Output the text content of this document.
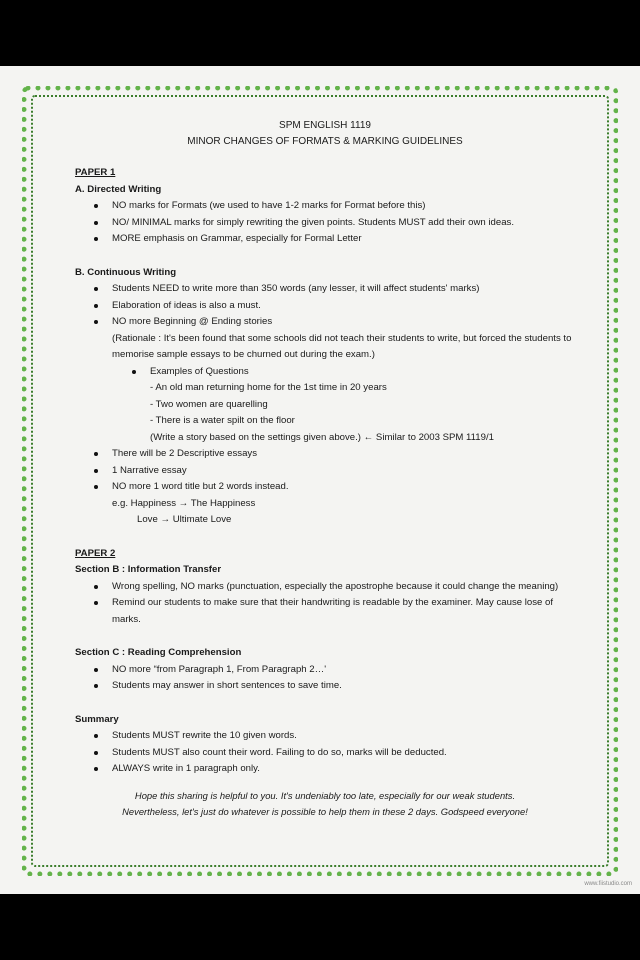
SPM ENGLISH 1119
MINOR CHANGES OF FORMATS & MARKING GUIDELINES
PAPER 1
A. Directed Writing
NO marks for Formats (we used to have 1-2 marks for Format before this)
NO/ MINIMAL marks for simply rewriting the given points. Students MUST add their own ideas.
MORE emphasis on Grammar, especially for Formal Letter
B. Continuous Writing
Students NEED to write more than 350 words (any lesser, it will affect students' marks)
Elaboration of ideas is also a must.
NO more Beginning @ Ending stories
(Rationale : It's been found that some schools did not teach their students to write, but forced the students to memorise sample essays to be churned out during the exam.)
Examples of Questions
- An old man returning home for the 1st time in 20 years
- Two women are quarelling
- There is a water spilt on the floor
(Write a story based on the settings given above.) ← Similar to 2003 SPM 1119/1
There will be 2 Descriptive essays
1 Narrative essay
NO more 1 word title but 2 words instead.
e.g. Happiness → The Happiness
Love → Ultimate Love
PAPER 2
Section B : Information Transfer
Wrong spelling, NO marks (punctuation, especially the apostrophe because it could change the meaning)
Remind our students to make sure that their handwriting is readable by the examiner. May cause lose of marks.
Section C : Reading Comprehension
NO more “from Paragraph 1, From Paragraph 2…'
Students may answer in short sentences to save time.
Summary
Students MUST rewrite the 10 given words.
Students MUST also count their word. Failing to do so, marks will be deducted.
ALWAYS write in 1 paragraph only.
Hope this sharing is helpful to you. It's undeniably too late, especially for our weak students.
Nevertheless, let's just do whatever is possible to help them in these 2 days. Godspeed everyone!
www.fiistudio.com
